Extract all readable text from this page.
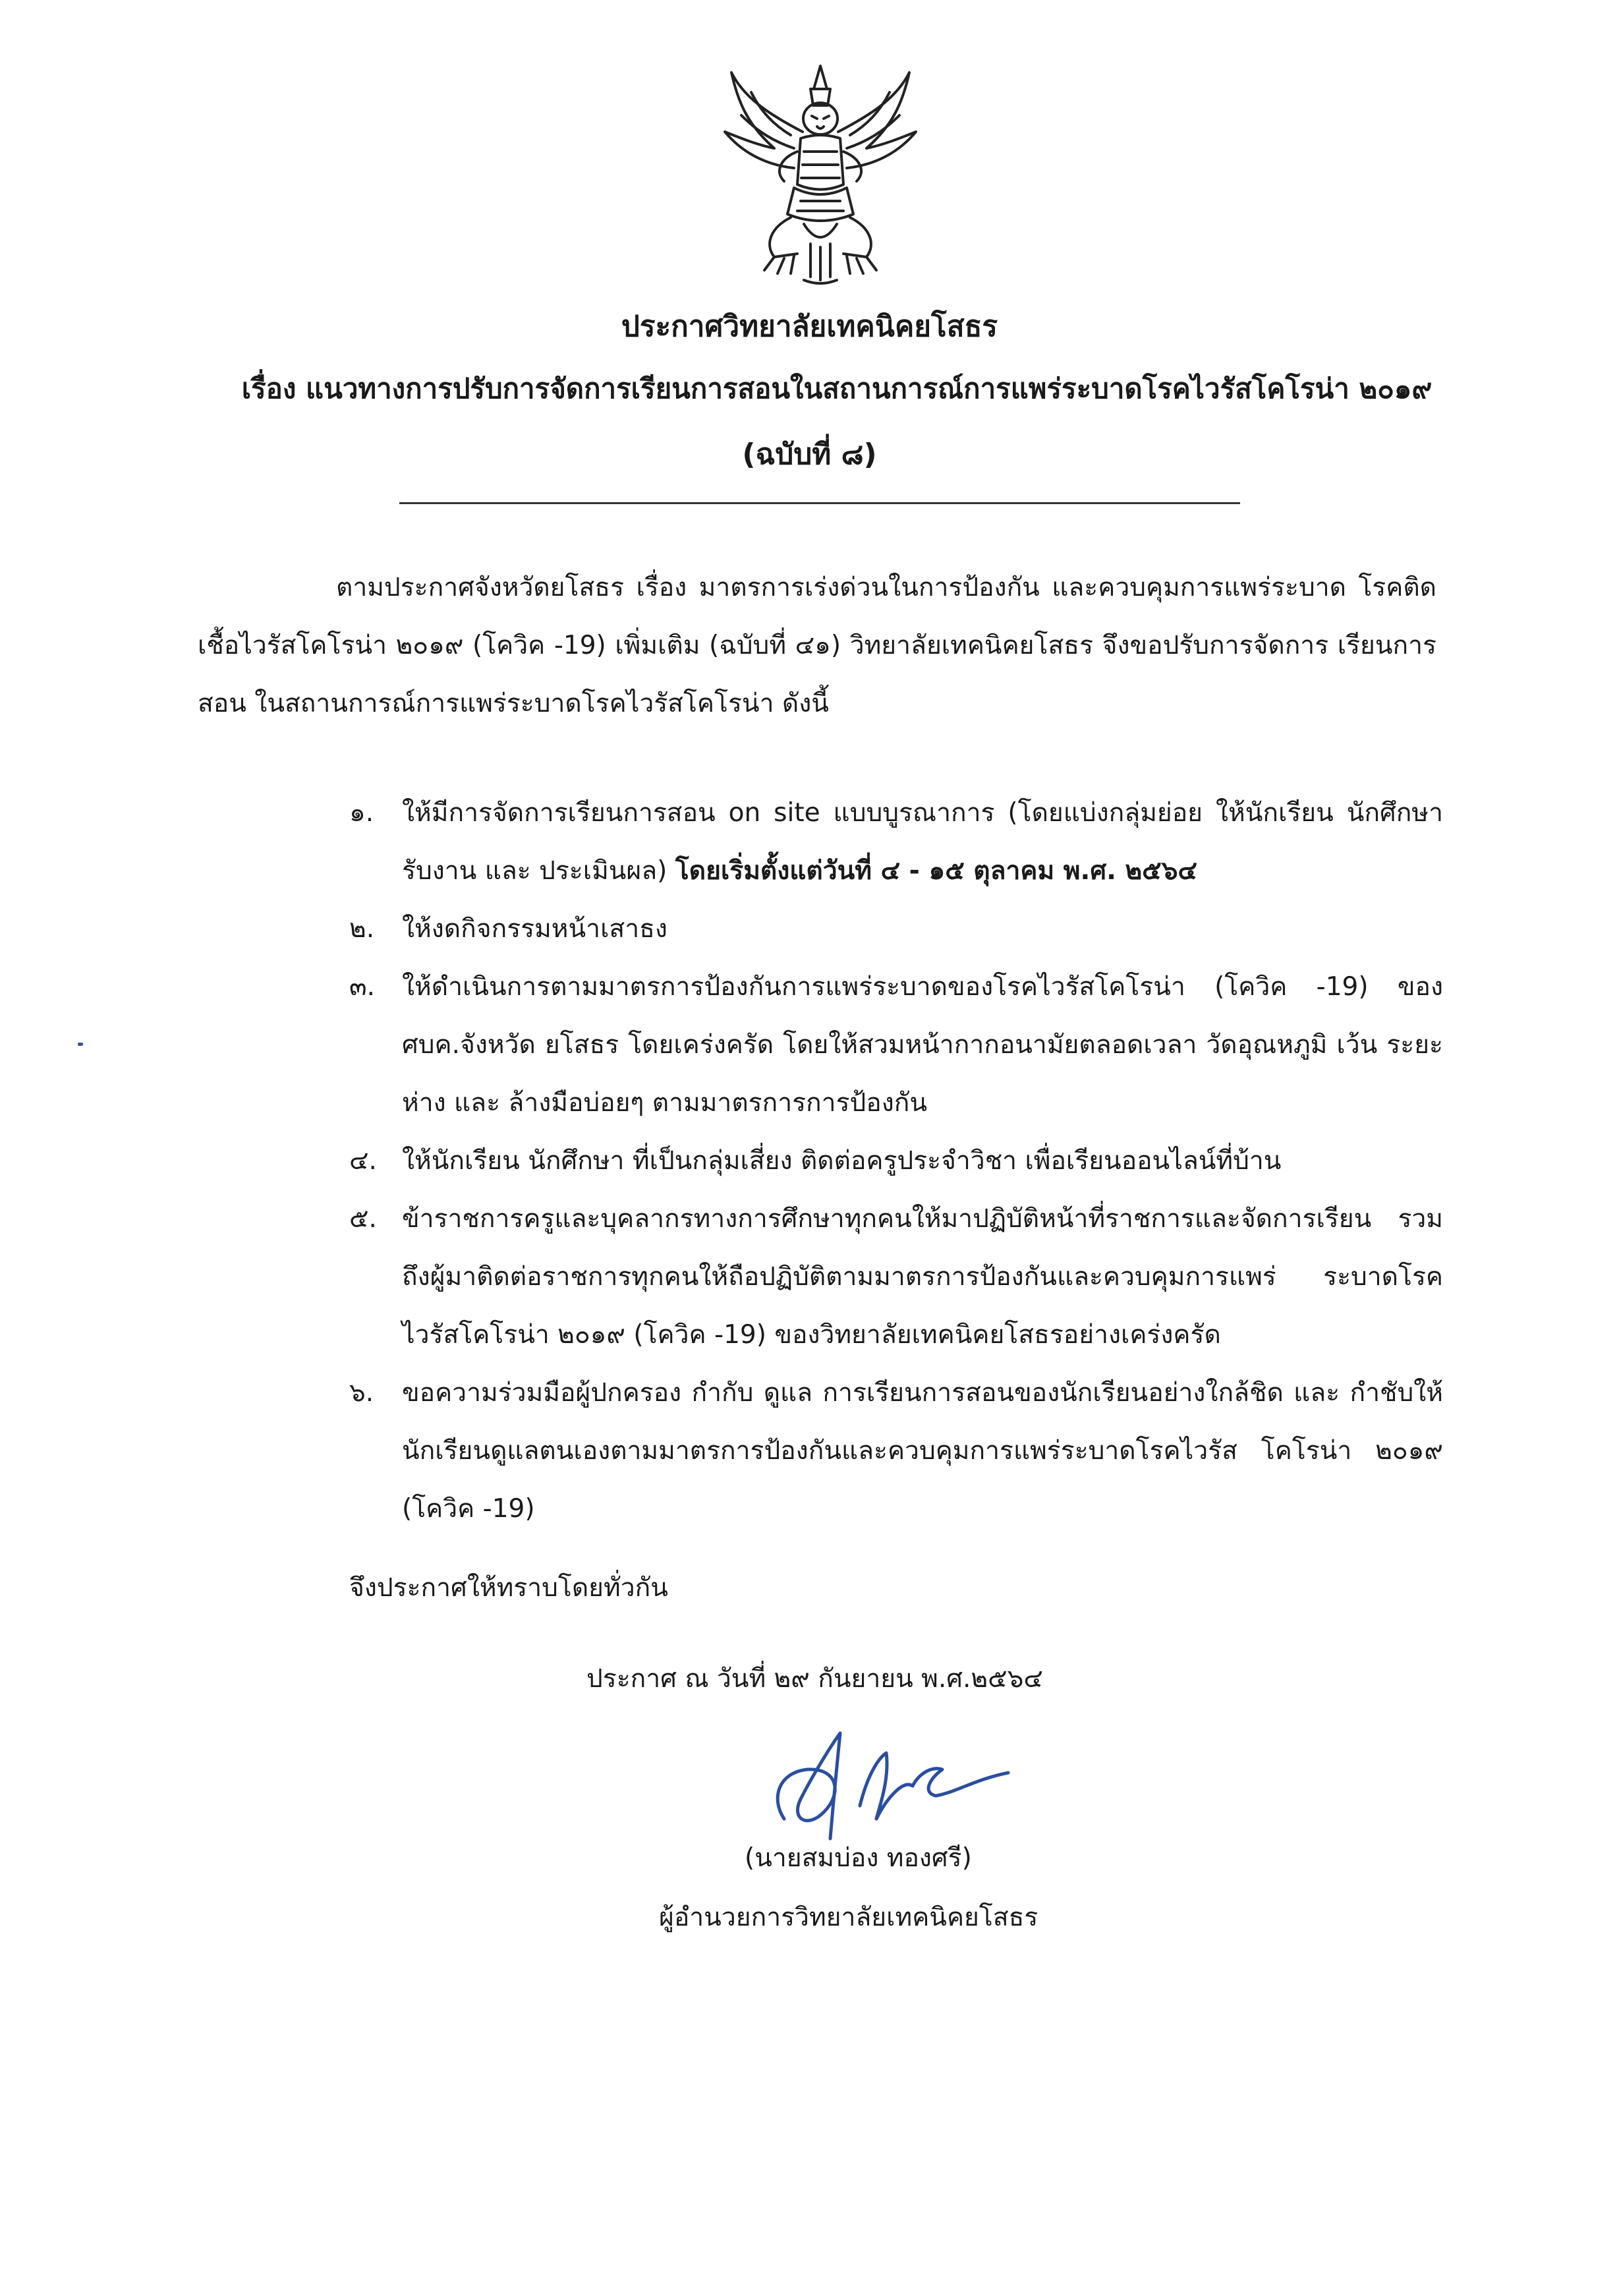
ประกาศวิทยาลัยเทคนิคยโสธร
เรื่อง แนวทางการปรับการจัดการเรียนการสอนในสถานการณ์การแพร่ระบาดโรคไวรัสโคโรน่า ๒๐๑๙
(ฉบับที่ ๘)
ตามประกาศจังหวัดยโสธร เรื่อง มาตรการเร่งด่วนในการป้องกัน และควบคุมการแพร่ระบาด โรคติดเชื้อไวรัสโคโรน่า ๒๐๑๙ (โควิค -19) เพิ่มเติม (ฉบับที่ ๔๑) วิทยาลัยเทคนิคยโสธร จึงขอปรับการจัดการ เรียนการสอน ในสถานการณ์การแพร่ระบาดโรคไวรัสโคโรน่า ดังนี้
๑. ให้มีการจัดการเรียนการสอน on site แบบบูรณาการ (โดยแบ่งกลุ่มย่อย ให้นักเรียน นักศึกษารับงาน และ ประเมินผล) โดยเริ่มตั้งแต่วันที่ ๔ - ๑๕ ตุลาคม พ.ศ. ๒๕๖๔
๒. ให้งดกิจกรรมหน้าเสาธง
๓. ให้ดำเนินการตามมาตรการป้องกันการแพร่ระบาดของโรคไวรัสโคโรน่า (โควิค -19) ของ ศบค.จังหวัด ยโสธร โดยเคร่งครัด โดยให้สวมหน้ากากอนามัยตลอดเวลา วัดอุณหภูมิ เว้น ระยะห่าง และ ล้างมือบ่อยๆ ตามมาตรการการป้องกัน
๔. ให้นักเรียน นักศึกษา ที่เป็นกลุ่มเสี่ยง ติดต่อครูประจำวิชา เพื่อเรียนออนไลน์ที่บ้าน
๕. ข้าราชการครูและบุคลากรทางการศึกษาทุกคนให้มาปฏิบัติหน้าที่ราชการและจัดการเรียน รวมถึงผู้มาติดต่อราชการทุกคนให้ถือปฏิบัติตามมาตรการป้องกันและควบคุมการแพร่ ระบาดโรคไวรัสโคโรน่า ๒๐๑๙ (โควิค -19) ของวิทยาลัยเทคนิคยโสธรอย่างเคร่งครัด
๖. ขอความร่วมมือผู้ปกครอง กำกับ ดูแล การเรียนการสอนของนักเรียนอย่างใกล้ชิด และ กำชับให้นักเรียนดูแลตนเองตามมาตรการป้องกันและควบคุมการแพร่ระบาดโรคไวรัส โคโรน่า ๒๐๑๙ (โควิค -19)
จึงประกาศให้ทราบโดยทั่วกัน
ประกาศ ณ วันที่ ๒๙ กันยายน พ.ศ.๒๕๖๔
(นายสมบ่อง ทองศรี)
ผู้อำนวยการวิทยาลัยเทคนิคยโสธร
